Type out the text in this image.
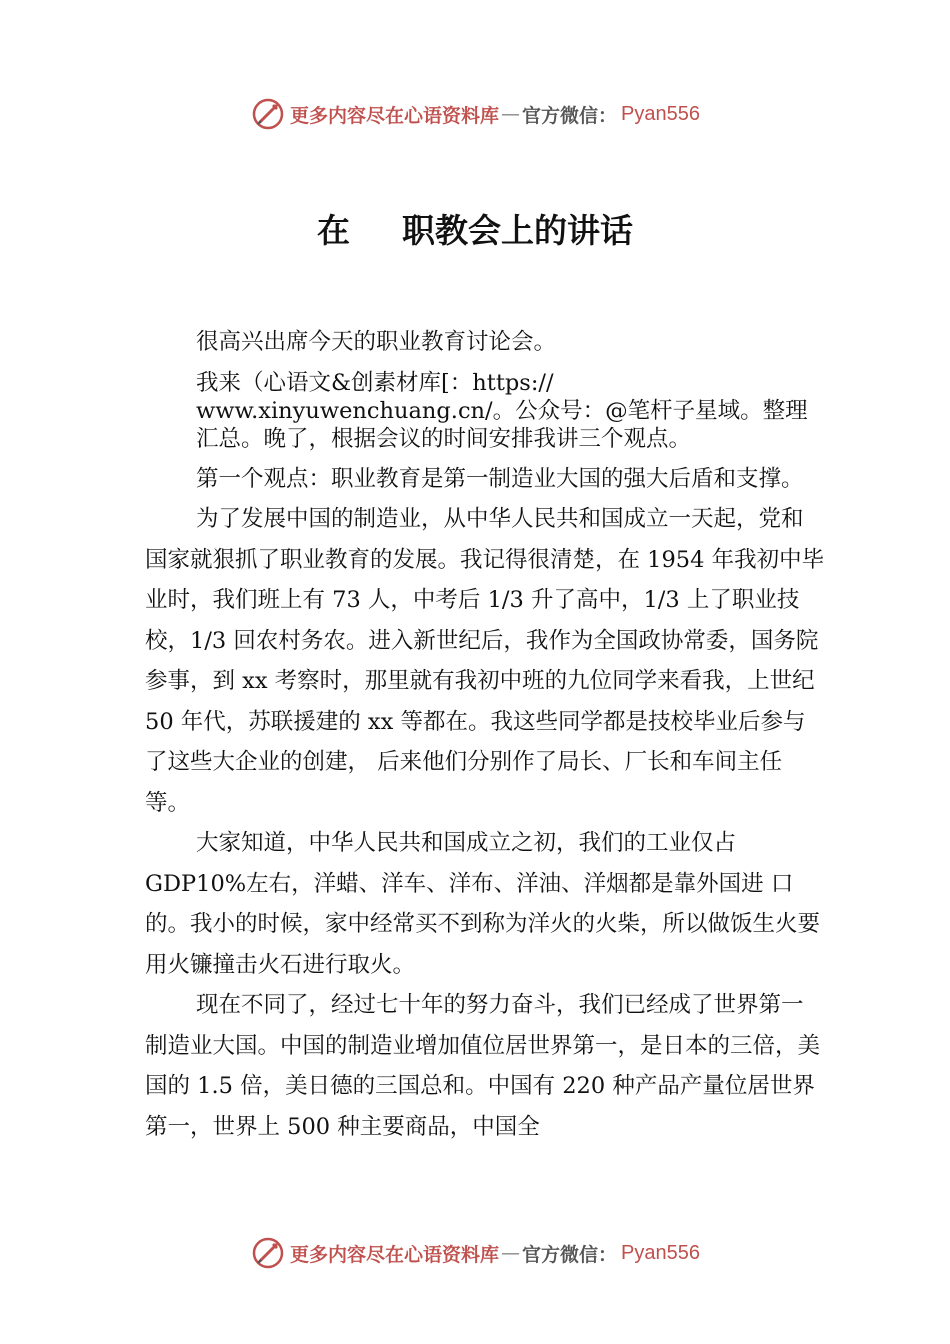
更多内容尽在心语资料库 — 官方微信： Pyan556
在 职教会上的讲话

很高兴出席今天的职业教育讨论会。

我来（心语文&创素材库[：https://
www.xinyuwenchuang.cn/。公众号：@笔杆子星域。整理
汇总。晚了，根据会议的时间安排我讲三个观点。

第一个观点：职业教育是第一制造业大国的强大后盾和支撑。

为了发展中国的制造业，从中华人民共和国成立一天起，党和国家就狠抓了职业教育的发展。我记得很清楚，在 1954 年我初中毕业时，我们班上有 73 人，中考后 1/3 升了高中，1/3 上了职业技校，1/3 回农村务农。进入新世纪后，我作为全国政协常委，国务院参事，到 xx 考察时，那里就有我初中班的九位同学来看我，上世纪 50 年代，苏联援建的 xx 等都在。我这些同学都是技校毕业后参与了这些大企业的创建， 后来他们分别作了局长、厂长和车间主任等。

大家知道，中华人民共和国成立之初，我们的工业仅占 GDP10%左右，洋蜡、洋车、洋布、洋油、洋烟都是靠外国进 口的。我小的时候，家中经常买不到称为洋火的火柴，所以做饭生火要用火镰撞击火石进行取火。

现在不同了，经过七十年的努力奋斗，我们已经成了世界第一制造业大国。中国的制造业增加值位居世界第一，是日本的三倍，美国的 1.5 倍，美日德的三国总和。中国有 220 种产品产量位居世界第一，世界上 500 种主要商品，中国全

更多内容尽在心语资料库 — 官方微信： Pyan556
